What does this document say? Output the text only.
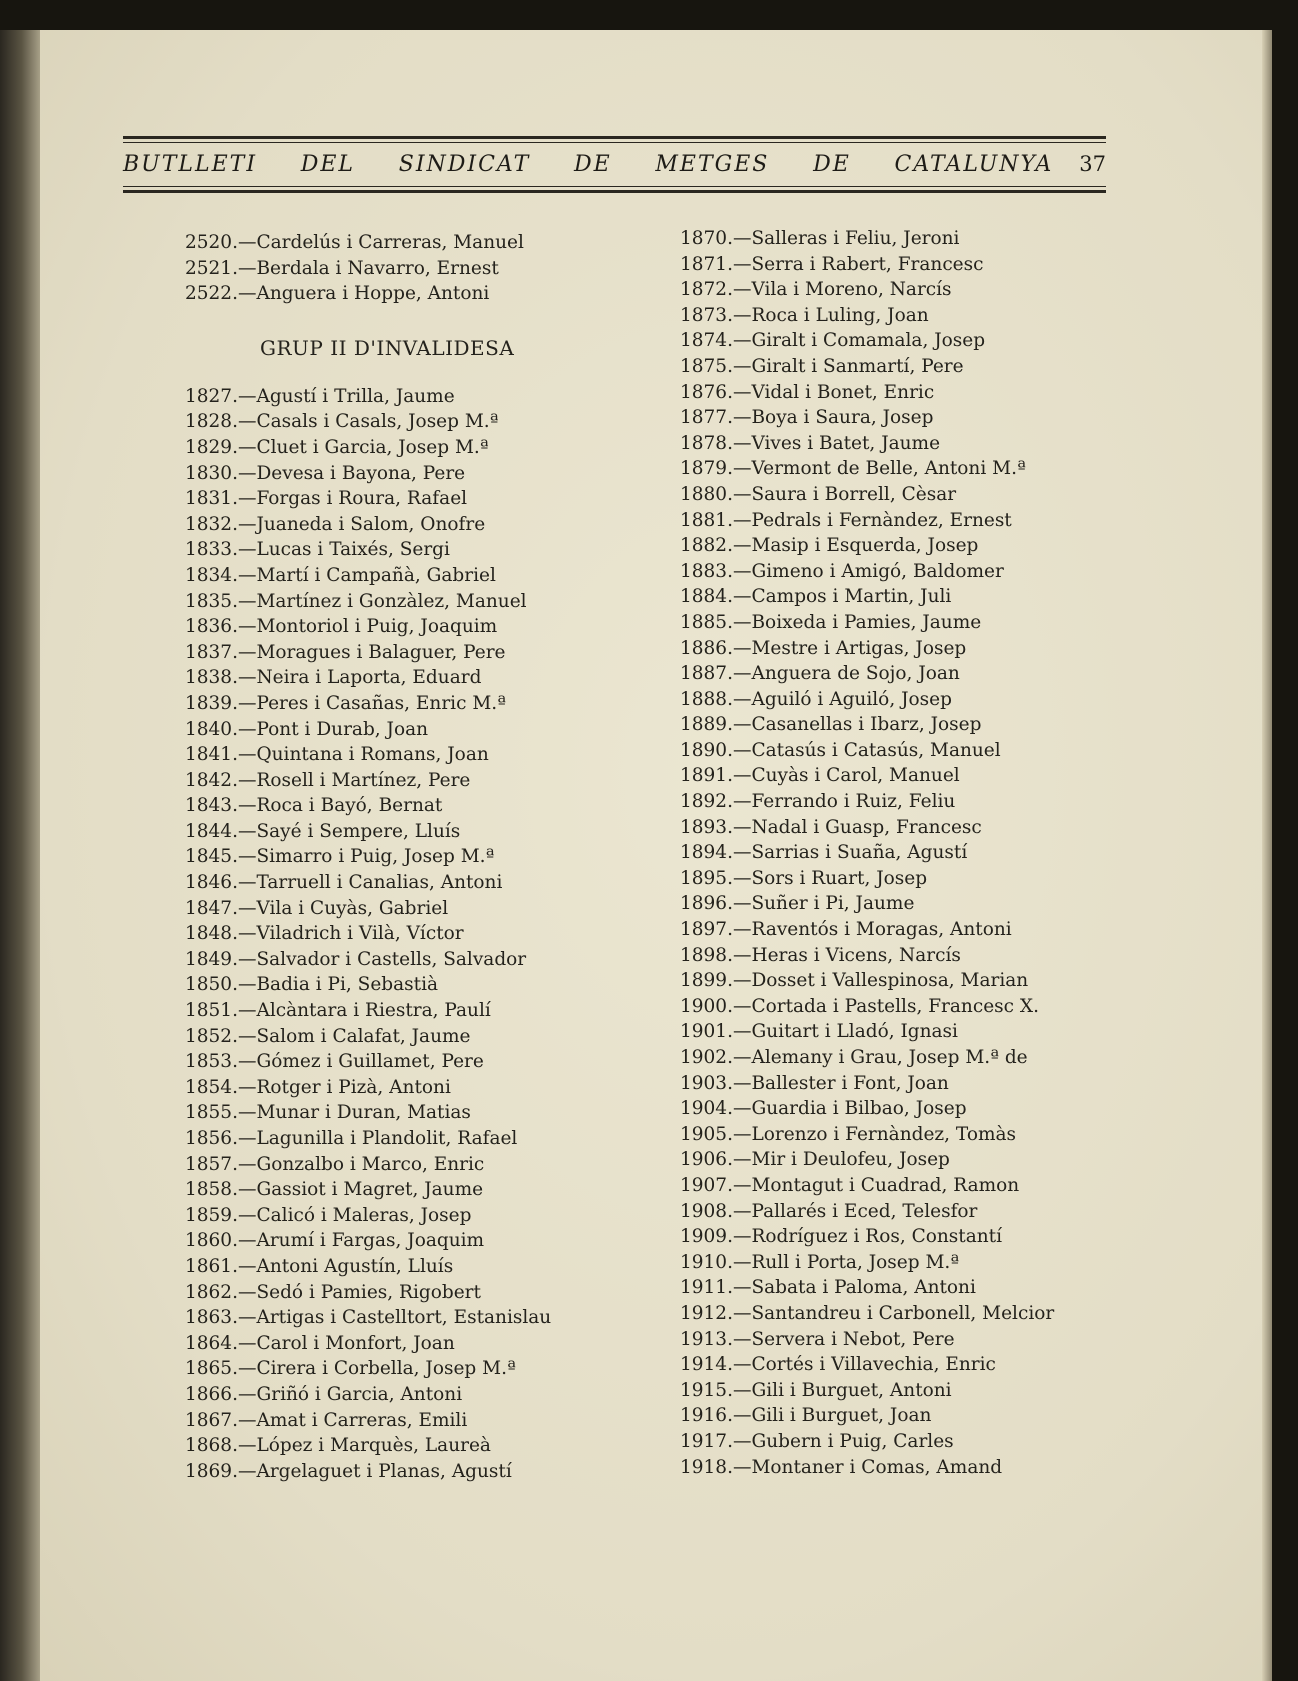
BUTLLETI DEL SINDICAT DE METGES DE CATALUNYA 37
2520.—Cardelús i Carreras, Manuel
2521.—Berdala i Navarro, Ernest
2522.—Anguera i Hoppe, Antoni
GRUP II D'INVALIDESA
1827.—Agustí i Trilla, Jaume
1828.—Casals i Casals, Josep M.ª
1829.—Cluet i Garcia, Josep M.ª
1830.—Devesa i Bayona, Pere
1831.—Forgas i Roura, Rafael
1832.—Juaneda i Salom, Onofre
1833.—Lucas i Taixés, Sergi
1834.—Martí i Campañà, Gabriel
1835.—Martínez i Gonzàlez, Manuel
1836.—Montoriol i Puig, Joaquim
1837.—Moragues i Balaguer, Pere
1838.—Neira i Laporta, Eduard
1839.—Peres i Casañas, Enric M.ª
1840.—Pont i Durab, Joan
1841.—Quintana i Romans, Joan
1842.—Rosell i Martínez, Pere
1843.—Roca i Bayó, Bernat
1844.—Sayé i Sempere, Lluís
1845.—Simarro i Puig, Josep M.ª
1846.—Tarruell i Canalias, Antoni
1847.—Vila i Cuyàs, Gabriel
1848.—Viladrich i Vilà, Víctor
1849.—Salvador i Castells, Salvador
1850.—Badia i Pi, Sebastià
1851.—Alcàntara i Riestra, Paulí
1852.—Salom i Calafat, Jaume
1853.—Gómez i Guillamet, Pere
1854.—Rotger i Pizà, Antoni
1855.—Munar i Duran, Matias
1856.—Lagunilla i Plandolit, Rafael
1857.—Gonzalbo i Marco, Enric
1858.—Gassiot i Magret, Jaume
1859.—Calicó i Maleras, Josep
1860.—Arumí i Fargas, Joaquim
1861.—Antoni Agustín, Lluís
1862.—Sedó i Pamies, Rigobert
1863.—Artigas i Castelltort, Estanislau
1864.—Carol i Monfort, Joan
1865.—Cirera i Corbella, Josep M.ª
1866.—Griñó i Garcia, Antoni
1867.—Amat i Carreras, Emili
1868.—López i Marquès, Laureà
1869.—Argelaguet i Planas, Agustí
1870.—Salleras i Feliu, Jeroni
1871.—Serra i Rabert, Francesc
1872.—Vila i Moreno, Narcís
1873.—Roca i Luling, Joan
1874.—Giralt i Comamala, Josep
1875.—Giralt i Sanmartí, Pere
1876.—Vidal i Bonet, Enric
1877.—Boya i Saura, Josep
1878.—Vives i Batet, Jaume
1879.—Vermont de Belle, Antoni M.ª
1880.—Saura i Borrell, Cèsar
1881.—Pedrals i Fernàndez, Ernest
1882.—Masip i Esquerda, Josep
1883.—Gimeno i Amigó, Baldomer
1884.—Campos i Martin, Juli
1885.—Boixeda i Pamies, Jaume
1886.—Mestre i Artigas, Josep
1887.—Anguera de Sojo, Joan
1888.—Aguiló i Aguiló, Josep
1889.—Casanellas i Ibarz, Josep
1890.—Catasús i Catasús, Manuel
1891.—Cuyàs i Carol, Manuel
1892.—Ferrando i Ruiz, Feliu
1893.—Nadal i Guasp, Francesc
1894.—Sarrias i Suaña, Agustí
1895.—Sors i Ruart, Josep
1896.—Suñer i Pi, Jaume
1897.—Raventós i Moragas, Antoni
1898.—Heras i Vicens, Narcís
1899.—Dosset i Vallespinosa, Marian
1900.—Cortada i Pastells, Francesc X.
1901.—Guitart i Lladó, Ignasi
1902.—Alemany i Grau, Josep M.ª de
1903.—Ballester i Font, Joan
1904.—Guardia i Bilbao, Josep
1905.—Lorenzo i Fernàndez, Tomàs
1906.—Mir i Deulofeu, Josep
1907.—Montagut i Cuadrad, Ramon
1908.—Pallarés i Eced, Telesfor
1909.—Rodríguez i Ros, Constantí
1910.—Rull i Porta, Josep M.ª
1911.—Sabata i Paloma, Antoni
1912.—Santandreu i Carbonell, Melcior
1913.—Servera i Nebot, Pere
1914.—Cortés i Villavechia, Enric
1915.—Gili i Burguet, Antoni
1916.—Gili i Burguet, Joan
1917.—Gubern i Puig, Carles
1918.—Montaner i Comas, Amand
